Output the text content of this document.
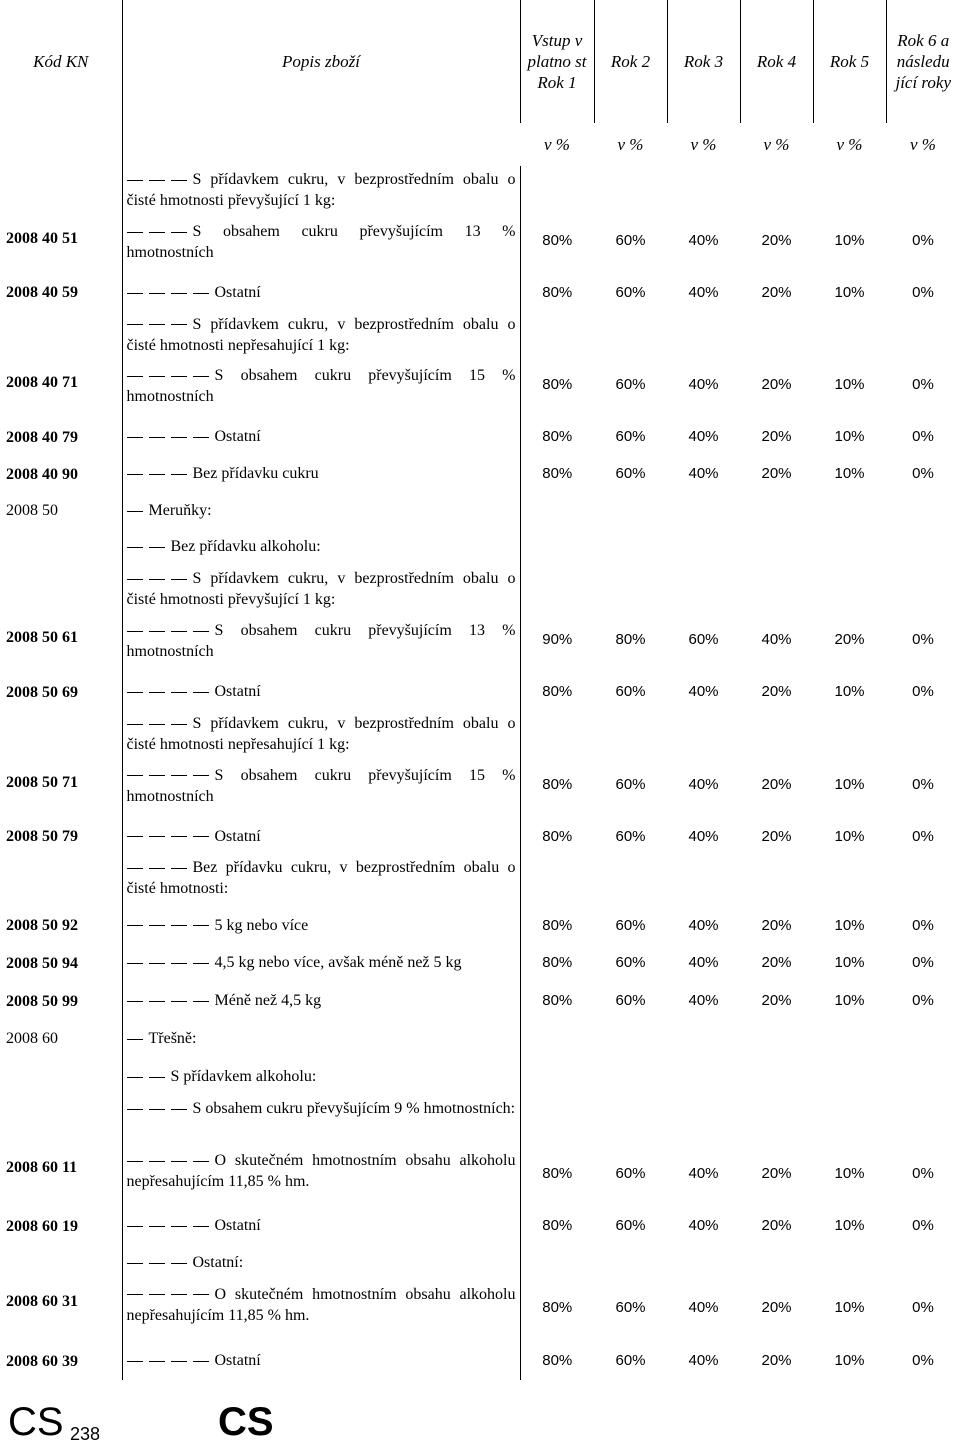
Kód KN	Popis zboží	Vstup v platno st Rok 1	Rok 2	Rok 3	Rok 4	Rok 5	Rok 6 a následu jící roky
		v %	v %	v %	v %	v %	v %
	S přídavkem cukru, v bezprostředním obalu o čisté hmotnosti převyšující 1 kg:						
2008 40 51	S obsahem cukru převyšujícím 13 % hmotnostních	80%	60%	40%	20%	10%	0%
2008 40 59	Ostatní	80%	60%	40%	20%	10%	0%
	S přídavkem cukru, v bezprostředním obalu o čisté hmotnosti nepřesahující 1 kg:						
2008 40 71	S obsahem cukru převyšujícím 15 % hmotnostních	80%	60%	40%	20%	10%	0%
2008 40 79	Ostatní	80%	60%	40%	20%	10%	0%
2008 40 90	Bez přídavku cukru	80%	60%	40%	20%	10%	0%
2008 50	Meruňky:						
	Bez přídavku alkoholu:						
	S přídavkem cukru, v bezprostředním obalu o čisté hmotnosti převyšující 1 kg:						
2008 50 61	S obsahem cukru převyšujícím 13 % hmotnostních	90%	80%	60%	40%	20%	0%
2008 50 69	Ostatní	80%	60%	40%	20%	10%	0%
	S přídavkem cukru, v bezprostředním obalu o čisté hmotnosti nepřesahující 1 kg:						
2008 50 71	S obsahem cukru převyšujícím 15 % hmotnostních	80%	60%	40%	20%	10%	0%
2008 50 79	Ostatní	80%	60%	40%	20%	10%	0%
	Bez přídavku cukru, v bezprostředním obalu o čisté hmotnosti:						
2008 50 92	5 kg nebo více	80%	60%	40%	20%	10%	0%
2008 50 94	4,5 kg nebo více, avšak méně než 5 kg	80%	60%	40%	20%	10%	0%
2008 50 99	Méně než 4,5 kg	80%	60%	40%	20%	10%	0%
2008 60	Třešně:						
	S přídavkem alkoholu:						
	S obsahem cukru převyšujícím 9 % hmotnostních:						
2008 60 11	O skutečném hmotnostním obsahu alkoholu nepřesahujícím 11,85 % hm.	80%	60%	40%	20%	10%	0%
2008 60 19	Ostatní	80%	60%	40%	20%	10%	0%
	Ostatní:						
2008 60 31	O skutečném hmotnostním obsahu alkoholu nepřesahujícím 11,85 % hm.	80%	60%	40%	20%	10%	0%
2008 60 39	Ostatní	80%	60%	40%	20%	10%	0%
CS 238	CS
